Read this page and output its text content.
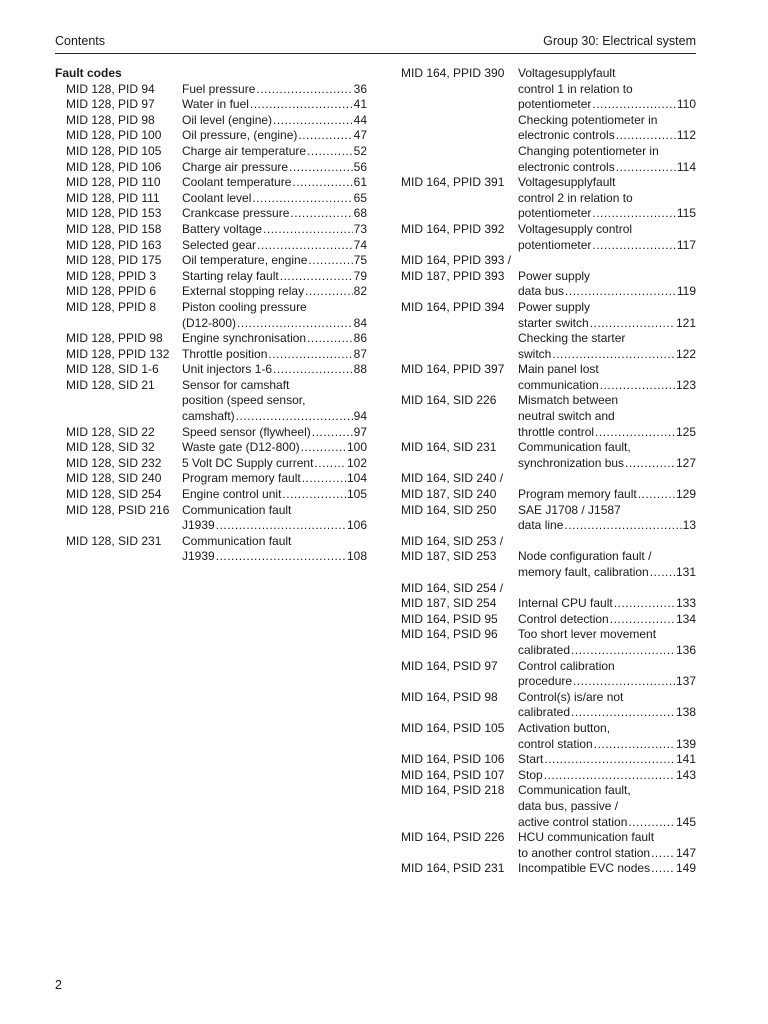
Contents	Group 30: Electrical system
Fault codes
MID 128, PID 94	Fuel pressure .....	36
MID 128, PID 97	Water in fuel .....	41
MID 128, PID 98	Oil level (engine) .....	44
MID 128, PID 100	Oil pressure, (engine) .....	47
MID 128, PID 105	Charge air temperature .....	52
MID 128, PID 106	Charge air pressure .....	56
MID 128, PID 110	Coolant temperature .....	61
MID 128, PID 111	Coolant level .....	65
MID 128, PID 153	Crankcase pressure .....	68
MID 128, PID 158	Battery voltage .....	73
MID 128, PID 163	Selected gear .....	74
MID 128, PID 175	Oil temperature, engine .....	75
MID 128, PPID 3	Starting relay fault .....	79
MID 128, PPID 6	External stopping relay .....	82
MID 128, PPID 8	Piston cooling pressure
(D12-800) .....	84
MID 128, PPID 98	Engine synchronisation .....	86
MID 128, PPID 132	Throttle position .....	87
MID 128, SID 1-6	Unit injectors 1-6 .....	88
MID 128, SID 21	Sensor for camshaft
position (speed sensor,
camshaft) .....	94
MID 128, SID 22	Speed sensor (flywheel) .....	97
MID 128, SID 32	Waste gate (D12-800) .....	100
MID 128, SID 232	5 Volt DC Supply current .....	102
MID 128, SID 240	Program memory fault .....	104
MID 128, SID 254	Engine control unit .....	105
MID 128, PSID 216	Communication fault
J1939 .....	106
MID 128, SID 231	Communication fault
J1939 .....	108
MID 164, PPID 390	Voltagesupplyfault
control 1 in relation to
potentiometer .....	110

Checking potentiometer in
electronic controls .....	112

Changing potentiometer in
electronic controls .....	114
MID 164, PPID 391	Voltagesupplyfault
control 2 in relation to
potentiometer .....	115
MID 164, PPID 392	Voltagesupply control
potentiometer .....	117
MID 164, PPID 393 /
MID 187, PPID 393	Power supply
data bus .....	119
MID 164, PPID 394	Power supply
starter switch .....	121

Checking the starter
switch .....	122
MID 164, PPID 397	Main panel lost
communication .....	123
MID 164, SID 226	Mismatch between
neutral switch and
throttle control .....	125
MID 164, SID 231	Communication fault,
synchronization bus .....	127
MID 164, SID 240 /
MID 187, SID 240	Program memory fault .....	129
MID 164, SID 250	SAE J1708 / J1587
data line .....	13
MID 164, SID 253 /
MID 187, SID 253	Node configuration fault /
memory fault, calibration ..... 131
MID 164, SID 254 /
MID 187, SID 254	Internal CPU fault .....	133
MID 164, PSID 95	Control detection .....	134
MID 164, PSID 96	Too short lever movement
calibrated .....	136
MID 164, PSID 97	Control calibration
procedure .....	137
MID 164, PSID 98	Control(s) is/are not
calibrated .....	138
MID 164, PSID 105	Activation button,
control station .....	139
MID 164, PSID 106	Start .....	141
MID 164, PSID 107	Stop .....	143
MID 164, PSID 218	Communication fault,
data bus, passive /
active control station .....	145
MID 164, PSID 226	HCU communication fault
to another control station ..... 147
MID 164, PSID 231	Incompatible EVC nodes ..... 149
2
